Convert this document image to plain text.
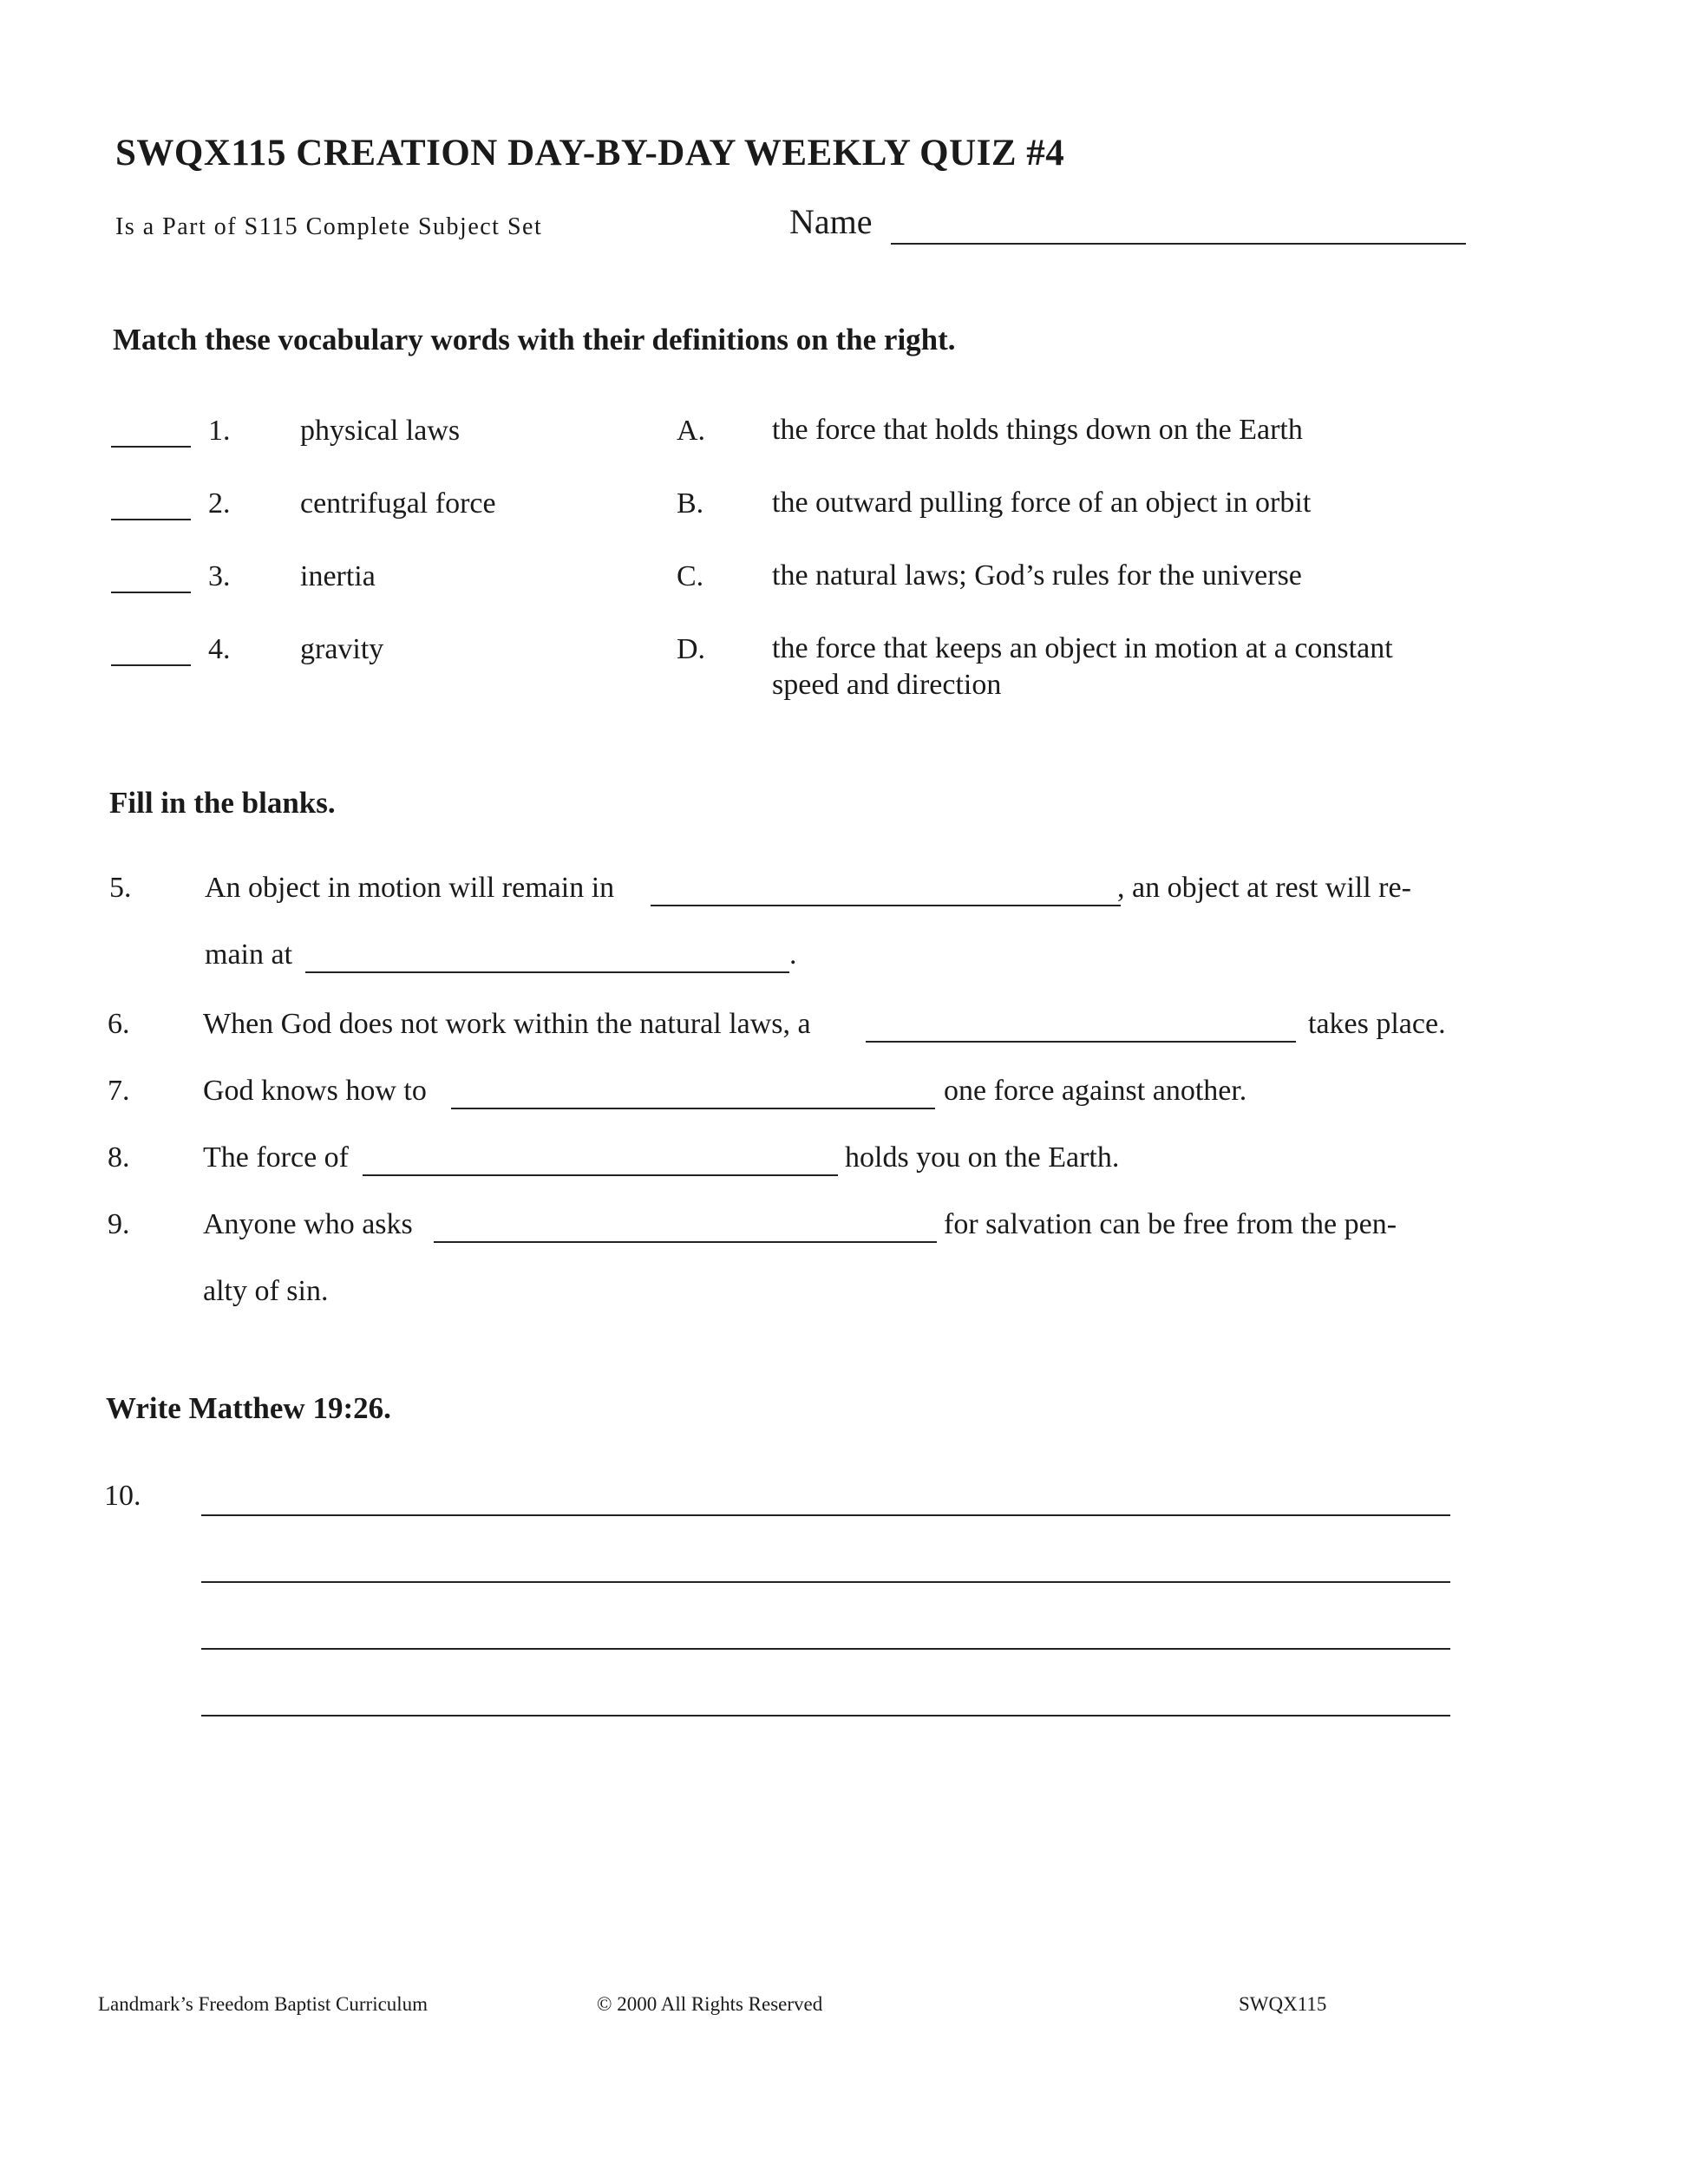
SWQX115 CREATION DAY-BY-DAY WEEKLY QUIZ #4
Is a Part of S115 Complete Subject Set	Name
Match these vocabulary words with their definitions on the right.
1. physical laws	A. the force that holds things down on the Earth
2. centrifugal force	B. the outward pulling force of an object in orbit
3. inertia	C. the natural laws; God’s rules for the universe
4. gravity	D. the force that keeps an object in motion at a constant speed and direction
Fill in the blanks.
5. An object in motion will remain in	, an object at rest will re-
main at	.
6. When God does not work within the natural laws, a	takes place.
7. God knows how to	one force against another.
8. The force of	holds you on the Earth.
9. Anyone who asks	for salvation can be free from the pen-
alty of sin.
Write Matthew 19:26.
10.
Landmark’s Freedom Baptist Curriculum	© 2000 All Rights Reserved	SWQX115
